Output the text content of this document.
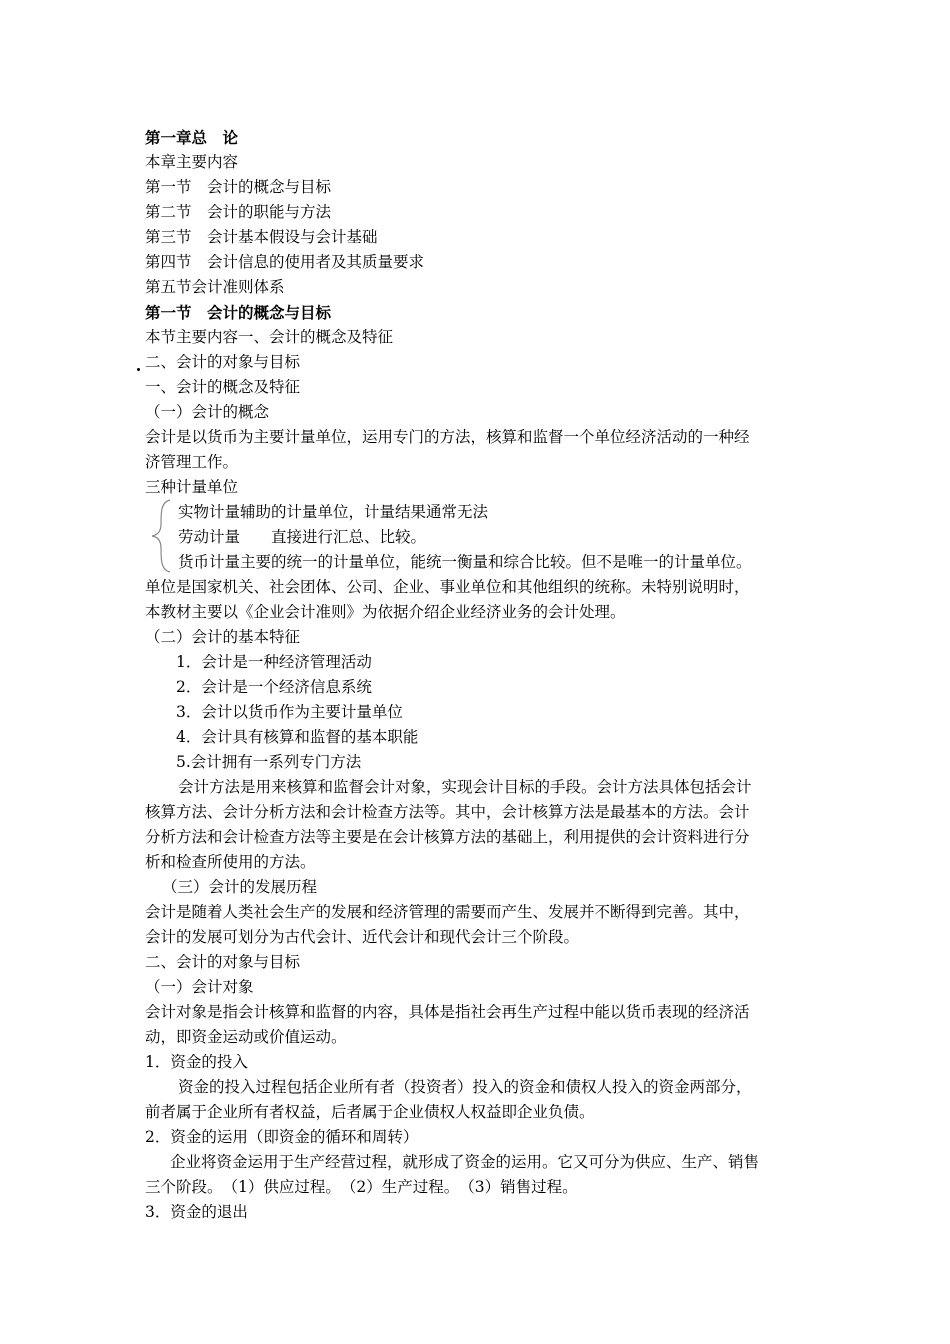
第一章总　论
本章主要内容
第一节　会计的概念与目标
第二节　会计的职能与方法
第三节　会计基本假设与会计基础
第四节　会计信息的使用者及其质量要求
第五节会计准则体系
第一节　会计的概念与目标
本节主要内容一、会计的概念及特征
二、会计的对象与目标
一、会计的概念及特征
（一）会计的概念
会计是以货币为主要计量单位，运用专门的方法，核算和监督一个单位经济活动的一种经
济管理工作。
三种计量单位
实物计量辅助的计量单位，计量结果通常无法
劳动计量　　直接进行汇总、比较。
货币计量主要的统一的计量单位，能统一衡量和综合比较。但不是唯一的计量单位。
单位是国家机关、社会团体、公司、企业、事业单位和其他组织的统称。未特别说明时，
本教材主要以《企业会计准则》为依据介绍企业经济业务的会计处理。
（二）会计的基本特征
1．会计是一种经济管理活动
2．会计是一个经济信息系统
3．会计以货币作为主要计量单位
4．会计具有核算和监督的基本职能
5.会计拥有一系列专门方法
会计方法是用来核算和监督会计对象，实现会计目标的手段。会计方法具体包括会计
核算方法、会计分析方法和会计检查方法等。其中，会计核算方法是最基本的方法。会计
分析方法和会计检查方法等主要是在会计核算方法的基础上，利用提供的会计资料进行分
析和检查所使用的方法。
（三）会计的发展历程
会计是随着人类社会生产的发展和经济管理的需要而产生、发展并不断得到完善。其中，
会计的发展可划分为古代会计、近代会计和现代会计三个阶段。
二、会计的对象与目标
（一）会计对象
会计对象是指会计核算和监督的内容，具体是指社会再生产过程中能以货币表现的经济活
动，即资金运动或价值运动。
1．资金的投入
资金的投入过程包括企业所有者（投资者）投入的资金和债权人投入的资金两部分，
前者属于企业所有者权益，后者属于企业债权人权益即企业负债。
2．资金的运用（即资金的循环和周转）
企业将资金运用于生产经营过程，就形成了资金的运用。它又可分为供应、生产、销售
三个阶段。　（1）供应过程。　（2）生产过程。　（3）销售过程。
3．资金的退出
